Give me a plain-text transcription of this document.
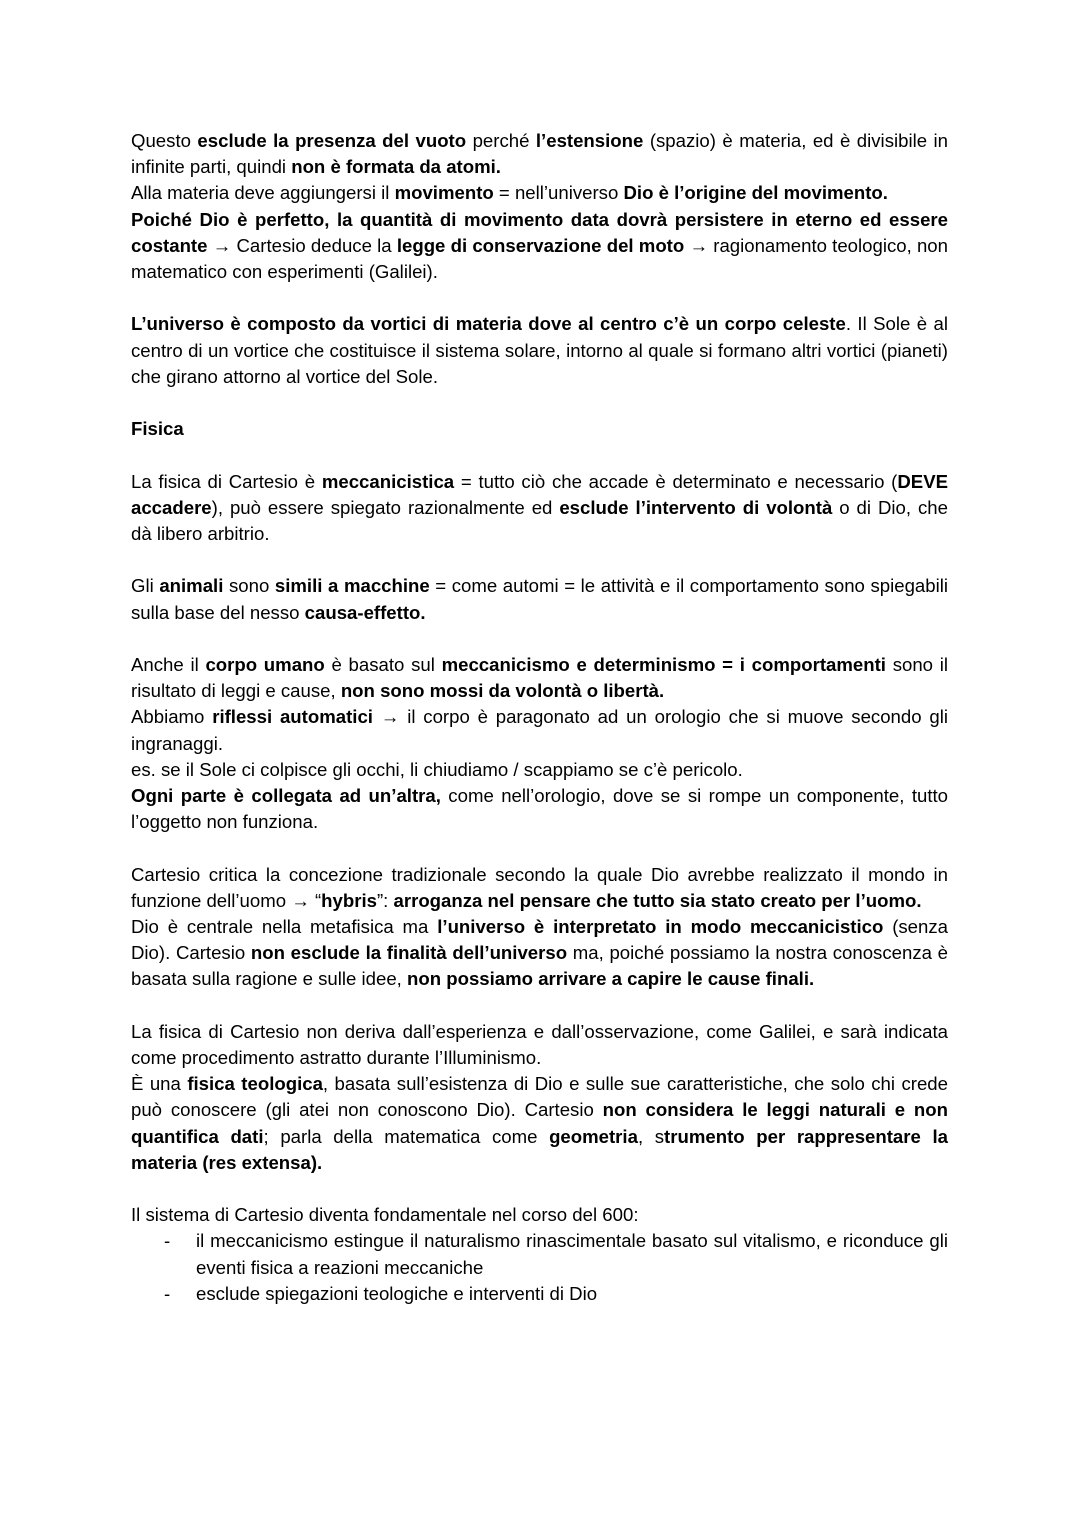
Questo esclude la presenza del vuoto perché l’estensione (spazio) è materia, ed è divisibile in infinite parti, quindi non è formata da atomi.

Alla materia deve aggiungersi il movimento = nell’universo Dio è l’origine del movimento.

Poiché Dio è perfetto, la quantità di movimento data dovrà persistere in eterno ed essere costante → Cartesio deduce la legge di conservazione del moto → ragionamento teologico, non matematico con esperimenti (Galilei).

L’universo è composto da vortici di materia dove al centro c’è un corpo celeste. Il Sole è al centro di un vortice che costituisce il sistema solare, intorno al quale si formano altri vortici (pianeti) che girano attorno al vortice del Sole.

Fisica

La fisica di Cartesio è meccanicistica = tutto ciò che accade è determinato e necessario (DEVE accadere), può essere spiegato razionalmente ed esclude l’intervento di volontà o di Dio, che dà libero arbitrio.

Gli animali sono simili a macchine = come automi = le attività e il comportamento sono spiegabili sulla base del nesso causa-effetto.

Anche il corpo umano è basato sul meccanicismo e determinismo = i comportamenti sono il risultato di leggi e cause, non sono mossi da volontà o libertà.

Abbiamo riflessi automatici → il corpo è paragonato ad un orologio che si muove secondo gli ingranaggi.

es. se il Sole ci colpisce gli occhi, li chiudiamo / scappiamo se c’è pericolo.

Ogni parte è collegata ad un’altra, come nell’orologio, dove se si rompe un componente, tutto l’oggetto non funziona.

Cartesio critica la concezione tradizionale secondo la quale Dio avrebbe realizzato il mondo in funzione dell’uomo → “hybris”: arroganza nel pensare che tutto sia stato creato per l’uomo.

Dio è centrale nella metafisica ma l’universo è interpretato in modo meccanicistico (senza Dio). Cartesio non esclude la finalità dell’universo ma, poiché possiamo la nostra conoscenza è basata sulla ragione e sulle idee, non possiamo arrivare a capire le cause finali.

La fisica di Cartesio non deriva dall’esperienza e dall’osservazione, come Galilei, e sarà indicata come procedimento astratto durante l’Illuminismo.

È una fisica teologica, basata sull’esistenza di Dio e sulle sue caratteristiche, che solo chi crede può conoscere (gli atei non conoscono Dio). Cartesio non considera le leggi naturali e non quantifica dati; parla della matematica come geometria, strumento per rappresentare la materia (res extensa).

Il sistema di Cartesio diventa fondamentale nel corso del 600:

- il meccanicismo estingue il naturalismo rinascimentale basato sul vitalismo, e riconduce gli eventi fisica a reazioni meccaniche
- esclude spiegazioni teologiche e interventi di Dio
